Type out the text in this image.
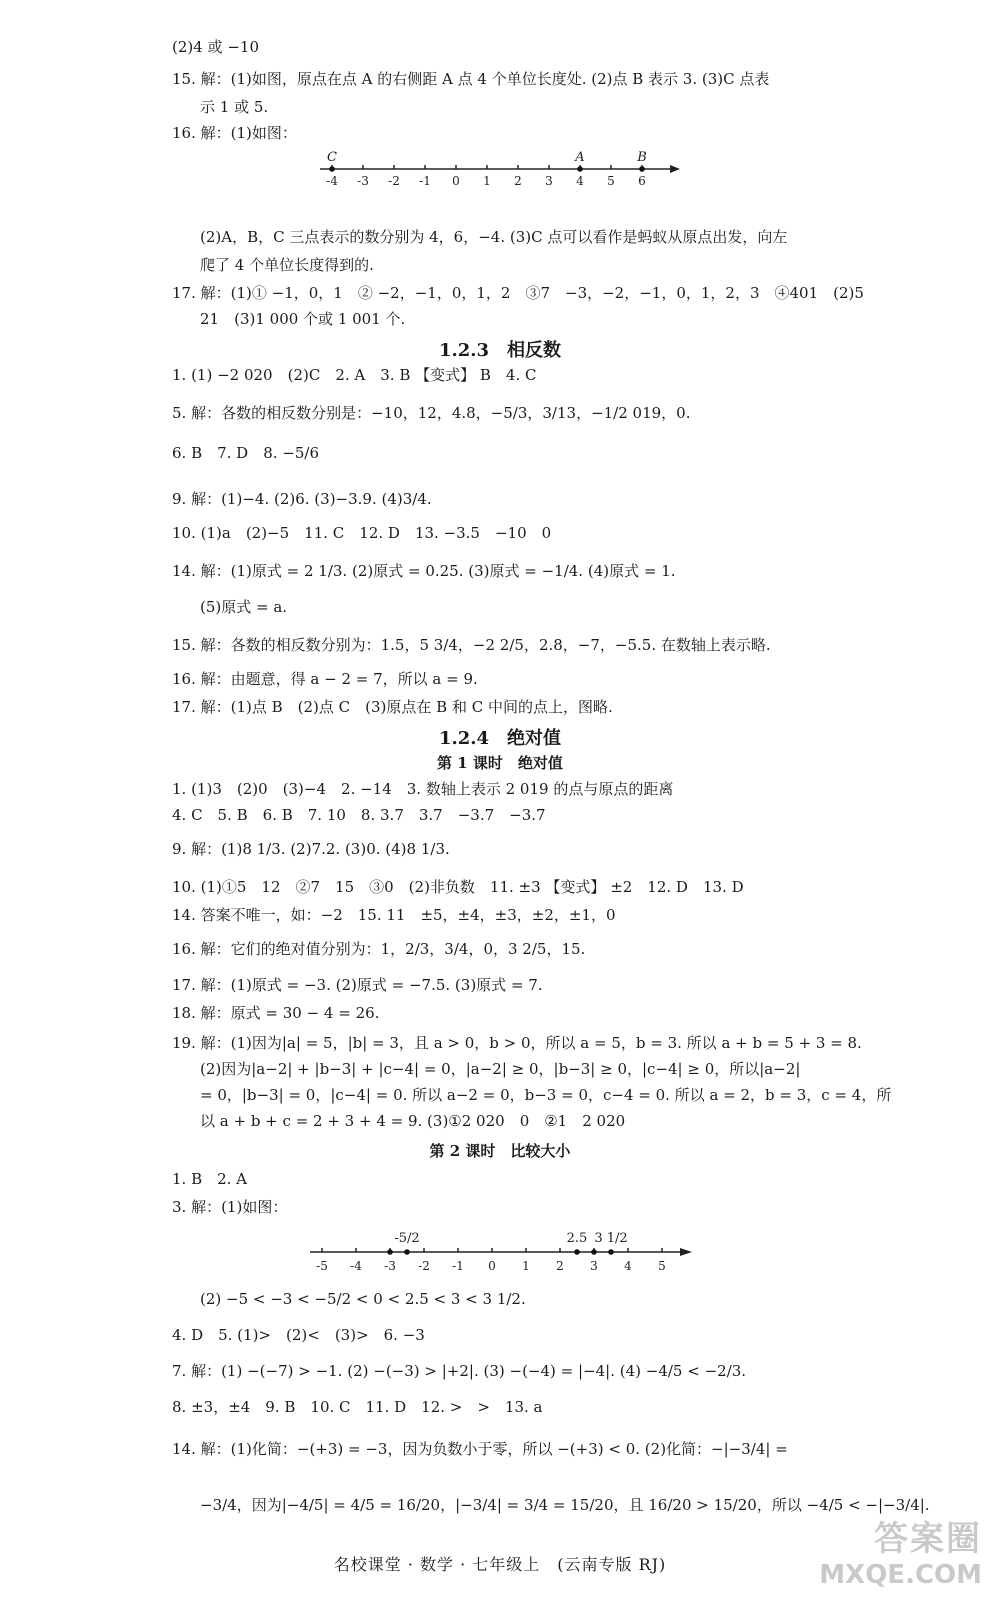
(2)4 或 −10
15. 解：(1)如图，原点在点 A 的右侧距 A 点 4 个单位长度处. (2)点 B 表示 3. (3)C 点表
示 1 或 5.
16. 解：(1)如图：
-4 -3 -2 -1 0 1 2 3 4 5 6
C	A	B
(2)A，B，C 三点表示的数分别为 4，6，−4. (3)C 点可以看作是蚂蚁从原点出发，向左
爬了 4 个单位长度得到的.
17. 解：(1)① −1，0，1　② −2，−1，0，1，2　③7　−3，−2，−1，0，1，2，3　④401　(2)5
21　(3)1 000 个或 1 001 个.
1.2.3　相反数
1. (1) −2 020　(2)C　2. A　3. B 【变式】 B　4. C
5. 解：各数的相反数分别是：−10，12，4.8，−5/3，3/13，−1/2 019，0.
6. B　7. D　8. −5/6
9. 解：(1)−4. (2)6. (3)−3.9. (4)3/4.
10. (1)a　(2)−5　11. C　12. D　13. −3.5　−10　0
14. 解：(1)原式 = 2 1/3. (2)原式 = 0.25. (3)原式 = −1/4. (4)原式 = 1.
(5)原式 = a.
15. 解：各数的相反数分别为：1.5，5 3/4，−2 2/5，2.8，−7，−5.5. 在数轴上表示略.
16. 解：由题意，得 a − 2 = 7，所以 a = 9.
17. 解：(1)点 B　(2)点 C　(3)原点在 B 和 C 中间的点上，图略.
1.2.4　绝对值
第 1 课时　绝对值
1. (1)3　(2)0　(3)−4　2. −14　3. 数轴上表示 2 019 的点与原点的距离
4. C　5. B　6. B　7. 10　8. 3.7　3.7　−3.7　−3.7
9. 解：(1)8 1/3. (2)7.2. (3)0. (4)8 1/3.
10. (1)①5　12　②7　15　③0　(2)非负数　11. ±3 【变式】 ±2　12. D　13. D
14. 答案不唯一，如：−2　15. 11　±5，±4，±3，±2，±1，0
16. 解：它们的绝对值分别为：1，2/3，3/4，0，3 2/5，15.
17. 解：(1)原式 = −3. (2)原式 = −7.5. (3)原式 = 7.
18. 解：原式 = 30 − 4 = 26.
19. 解：(1)因为|a| = 5，|b| = 3，且 a > 0，b > 0，所以 a = 5，b = 3. 所以 a + b = 5 + 3 = 8.
(2)因为|a−2| + |b−3| + |c−4| = 0，|a−2| ≥ 0，|b−3| ≥ 0，|c−4| ≥ 0，所以|a−2|
= 0，|b−3| = 0，|c−4| = 0. 所以 a−2 = 0，b−3 = 0，c−4 = 0. 所以 a = 2，b = 3，c = 4，所
以 a + b + c = 2 + 3 + 4 = 9. (3)①2 020　0　②1　2 020
第 2 课时　比较大小
1. B　2. A
3. 解：(1)如图：
-5 -4 -3 -2 -1 0 1 2 3 4 5
-5/2	2.5 3 1/2
(2) −5 < −3 < −5/2 < 0 < 2.5 < 3 < 3 1/2.
4. D　5. (1)>　(2)<　(3)>　6. −3
7. 解：(1) −(−7) > −1. (2) −(−3) > |+2|. (3) −(−4) = |−4|. (4) −4/5 < −2/3.
8. ±3，±4　9. B　10. C　11. D　12. >　>　13. a
14. 解：(1)化简：−(+3) = −3，因为负数小于零，所以 −(+3) < 0. (2)化简：−|−3/4| =
−3/4，因为|−4/5| = 4/5 = 16/20，|−3/4| = 3/4 = 15/20，且 16/20 > 15/20，所以 −4/5 < −|−3/4|.
名校课堂 · 数学 · 七年级上　(云南专版 RJ)
答案圈
MXQE.COM
